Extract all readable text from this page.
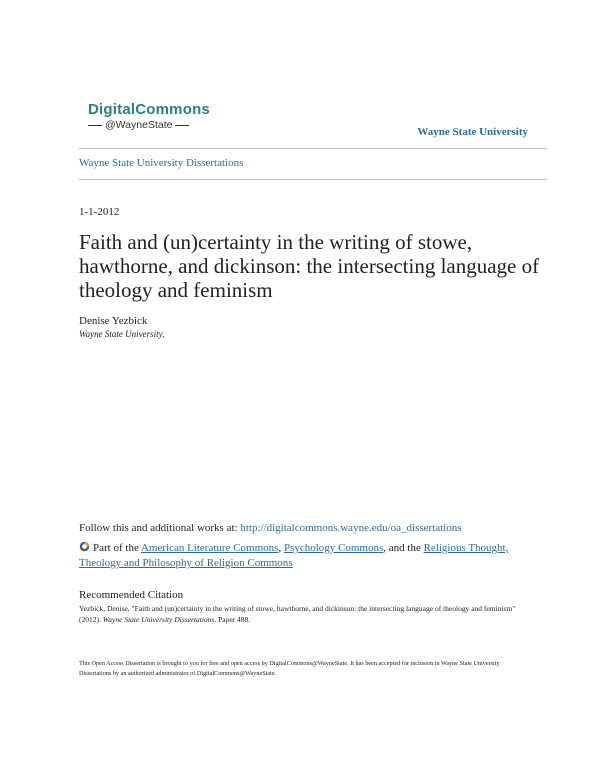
DigitalCommons
@WayneState
Wayne State University
Wayne State University Dissertations
1-1-2012
Faith and (un)certainty in the writing of stowe, hawthorne, and dickinson: the intersecting language of theology and feminism
Denise Yezbick
Wayne State University,
Follow this and additional works at: http://digitalcommons.wayne.edu/oa_dissertations
Part of the American Literature Commons, Psychology Commons, and the Religious Thought, Theology and Philosophy of Religion Commons
Recommended Citation
Yezbick, Denise, "Faith and (un)certainty in the writing of stowe, hawthorne, and dickinson: the intersecting language of theology and feminism" (2012). Wayne State University Dissertations. Paper 488.
This Open Access Dissertation is brought to you for free and open access by DigitalCommons@WayneState. It has been accepted for inclusion in Wayne State University Dissertations by an authorized administrator of DigitalCommons@WayneState.
